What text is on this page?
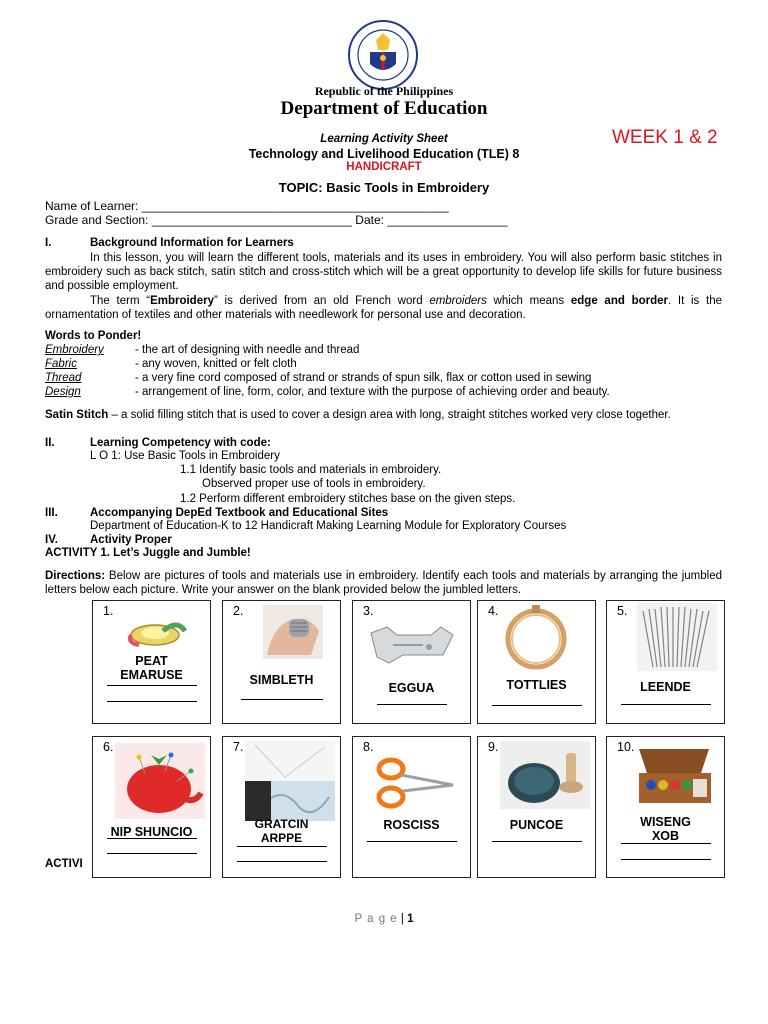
Republic of the Philippines
Department of Education
Learning Activity Sheet
Technology and Livelihood Education (TLE) 8
HANDICRAFT
WEEK 1 & 2
TOPIC: Basic Tools in Embroidery
Name of Learner: ______________________________________________
Grade and Section: ______________________________ Date: __________________
I.	Background Information for Learners
In this lesson, you will learn the different tools, materials and its uses in embroidery. You will also perform basic stitches in embroidery such as back stitch, satin stitch and cross-stitch which will be a great opportunity to develop life skills for future business and possible employment.
The term “Embroidery” is derived from an old French word embroiders which means edge and border. It is the ornamentation of textiles and other materials with needlework for personal use and decoration.
Words to Ponder!
Embroidery	- the art of designing with needle and thread
Fabric	- any woven, knitted or felt cloth
Thread	- a very fine cord composed of strand or strands of spun silk, flax or cotton used in sewing
Design	- arrangement of line, form, color, and texture with the purpose of achieving order and beauty.
Satin Stitch – a solid filling stitch that is used to cover a design area with long, straight stitches worked very close together.
II.	Learning Competency with code:
L O 1: Use Basic Tools in Embroidery
1.1 Identify basic tools and materials in embroidery.
Observed proper use of tools in embroidery.
1.2 Perform different embroidery stitches base on the given steps.
III.	Accompanying DepEd Textbook and Educational Sites
Department of Education-K to 12 Handicraft Making Learning Module for Exploratory Courses
IV.	Activity Proper
ACTIVITY 1. Let’s Juggle and Jumble!
Directions: Below are pictures of tools and materials use in embroidery. Identify each tools and materials by arranging the jumbled letters below each picture. Write your answer on the blank provided below the jumbled letters.
ACTIVI
1.
PEAT
EMARUSE
2.
SIMBLETH
3.
EGGUA
4.
TOTTLIES
5.
LEENDE
6.
NIP SHUNCIO
7.
GRATCIN
ARPPE
8.
ROSCISS
9.
PUNCOE
10.
WISENG
XOB
P a g e | 1
